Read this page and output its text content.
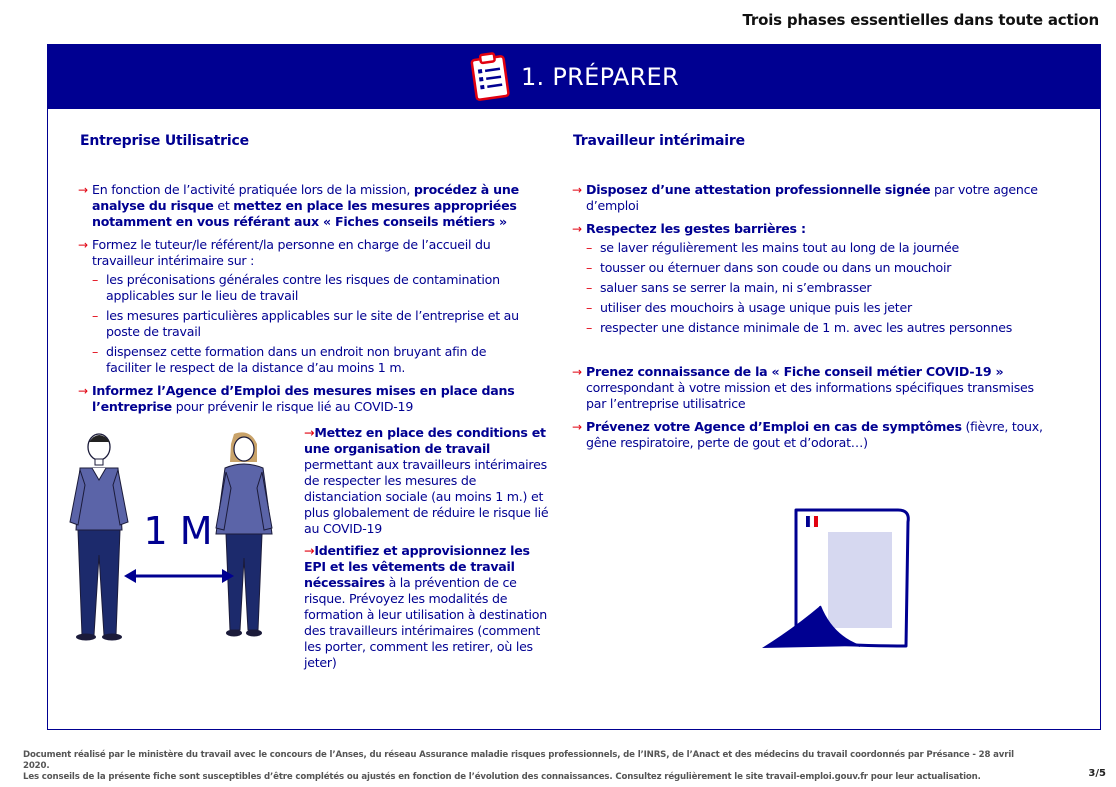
Trois phases essentielles dans toute action
1. PRÉPARER
Entreprise Utilisatrice
→ En fonction de l’activité pratiquée lors de la mission, procédez à une analyse du risque et mettez en place les mesures appropriées notamment en vous référant aux « Fiches conseils métiers »
→ Formez le tuteur/le référent/la personne en charge de l’accueil du travailleur intérimaire sur :
– les préconisations générales contre les risques de contamination applicables sur le lieu de travail
– les mesures particulières applicables sur le site de l’entreprise et au poste de travail
– dispensez cette formation dans un endroit non bruyant afin de faciliter le respect de la distance d’au moins 1 m.
→ Informez l’Agence d’Emploi des mesures mises en place dans l’entreprise pour prévenir le risque lié au COVID-19
→Mettez en place des conditions et une organisation de travail permettant aux travailleurs intérimaires de respecter les mesures de distanciation sociale (au moins 1 m.) et plus globalement de réduire le risque lié au COVID-19
→Identifiez et approvisionnez les EPI et les vêtements de travail nécessaires à la prévention de ce risque. Prévoyez les modalités de formation à leur utilisation à destination des travailleurs intérimaires (comment les porter, comment les retirer, où les jeter)
1 M
Travailleur intérimaire
→ Disposez d’une attestation professionnelle signée par votre agence d’emploi
→ Respectez les gestes barrières :
– se laver régulièrement les mains tout au long de la journée
– tousser ou éternuer dans son coude ou dans un mouchoir
– saluer sans se serrer la main, ni s’embrasser
– utiliser des mouchoirs à usage unique puis les jeter
– respecter une distance minimale de 1 m. avec les autres personnes
→ Prenez connaissance de la « Fiche conseil métier COVID-19 » correspondant à votre mission et des informations spécifiques transmises par l’entreprise utilisatrice
→ Prévenez votre Agence d’Emploi en cas de symptômes (fièvre, toux, gêne respiratoire, perte de gout et d’odorat…)
Document réalisé par le ministère du travail avec le concours de l’Anses, du réseau Assurance maladie risques professionnels, de l’INRS, de l’Anact et des médecins du travail coordonnés par Présance - 28 avril 2020.
Les conseils de la présente fiche sont susceptibles d’être complétés ou ajustés en fonction de l’évolution des connaissances. Consultez régulièrement le site travail-emploi.gouv.fr pour leur actualisation.	3/5
